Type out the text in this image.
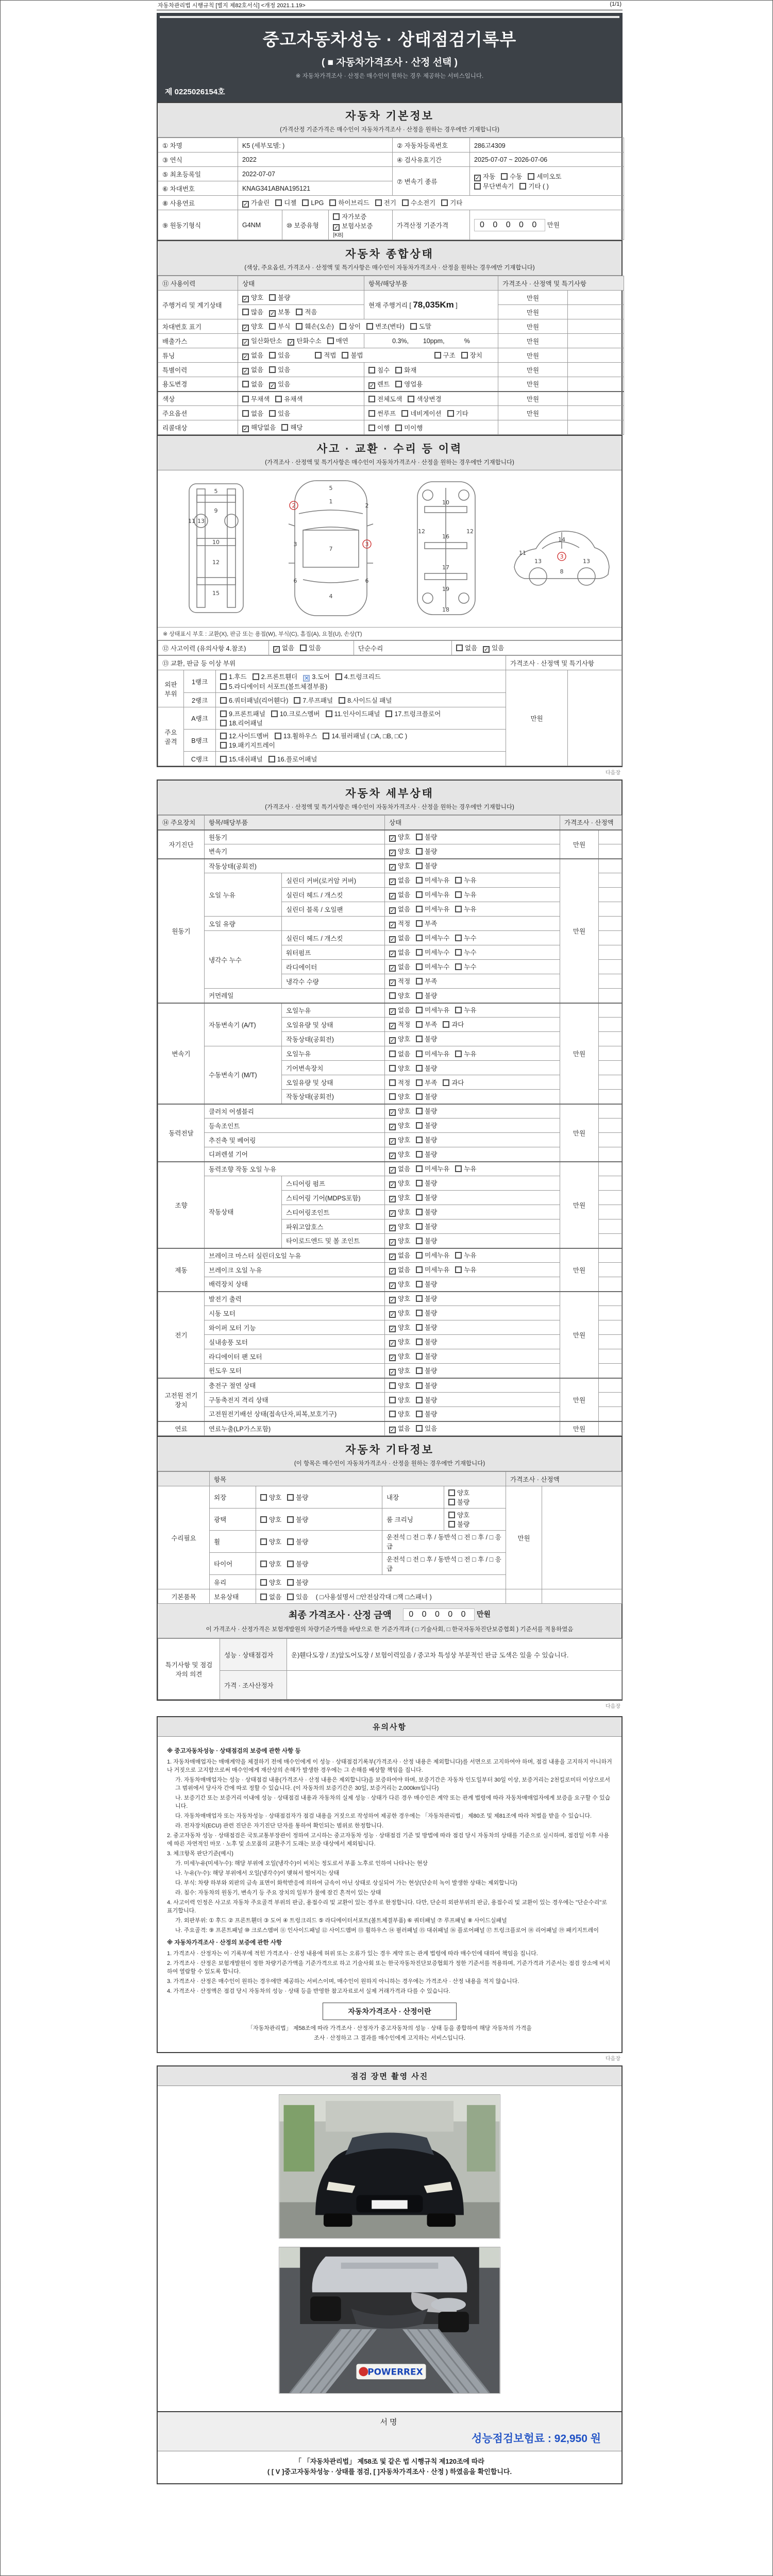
자동차관리법 시행규칙 [별지 제82호서식] <개정 2021.1.19>	(1/1)
중고자동차성능 · 상태점검기록부
( ■ 자동차가격조사 · 산정 선택 )
※ 자동차가격조사 · 산정은 매수인이 원하는 경우 제공하는 서비스입니다.
제 0225026154호
자동차 기본정보
(가격산정 기준가격은 매수인이 자동차가격조사 · 산정을 원하는 경우에만 기재합니다)
① 차명	K5 (세부모델: )	② 자동차등록번호	286고4309
③ 연식	2022	④ 검사유효기간	2025-07-07 ~ 2026-07-06
⑤ 최초등록일	2022-07-07	⑦ 변속기 종류	
✓자동 수동 세미오토
무단변속기 기타 ( )

⑥ 차대번호	KNAG341ABNA195121
⑧ 사용연료	✓가솔린 디젤 LPG 하이브리드 전기 수소전기 기타
⑨ 원동기형식		G4NM	⑩ 보증유형	자가보증✓보험사보증 [KB]
	가격산정 기준가격	0 0 0 0 0 만원
자동차 종합상태
(색상, 주요옵션, 가격조사 · 산정액 및 특기사항은 매수인이 자동차가격조사 · 산정을 원하는 경우에만 기재합니다)
⑪ 사용이력	상태	항목/해당부품	가격조사 · 산정액 및 특기사항	
주행거리 및 계기상태	✓양호 불량	현재 주행거리 [ 78,035Km ]	만원	
	많음 ✓ 보통 적음		만원	
차대번호 표기	✓양호 부식 훼손(오손) 상이 변조(변타) 도말		만원	
배출가스	✓일산화탄소 ✓ 탄화수소 매연	0.3%,        10ppm,           %	만원	
튜닝	✓없음 있음 적법 불법 구조 장치		만원	
특별이력	✓없음 있음	침수 화재	만원	
용도변경	없음 ✓ 있음	✓렌트 영업용	만원	
색상	무채색 유채색	전체도색 색상변경	만원	
주요옵션	없음 있음	썬루프 네비게이션 기타	만원	
리콜대상	✓해당없음 해당	이행 미이행		
사고 · 교환 · 수리 등 이력
(가격조사 · 산정액 및 특기사항은 매수인이 자동차가격조사 · 산정을 원하는 경우에만 기재합니다)
5
9
11
10
12
13
15
5
1
7
4
2
3
6	6
2
3
10
12	12
16
17
19
18
11
14
13	13
8
3
※ 상태표시 부호 : 교환(X), 판금 또는 용접(W), 부식(C), 흠집(A), 요철(U), 손상(T)
⑫ 사고이력 (유의사항 4.참조)	✓없음 있음	단순수리	없음 ✓ 있음
⑬ 교환, 판금 등 이상 부위			가격조사 · 산정액 및 특기사항	
외판부위	1랭크	1.후드 2.프론트휀더 ✕ 3.도어 4.트렁크리드
5.라디에이터 서포트(볼트체결부품)	만원	
	2랭크	6.쿼터패널(리어휀다) 7.루프패널 8.사이드실 패널		
주요골격	A랭크	9.프론트패널 10.크로스멤버 11.인사이드패널 17.트렁크플로어
18.리어패널		

	B랭크	12.사이드멤버 13.휠하우스 14.필러패널 ( □A, □B, □C )
19.패키지트레이		

	C랭크	15.대쉬패널 16.플로어패널		
다음장
자동차 세부상태
(가격조사 · 산정액 및 특기사항은 매수인이 자동차가격조사 · 산정을 원하는 경우에만 기재합니다)
⑭ 주요장치	항목/해당부품		상태	가격조사 · 산정액	
자기진단	원동기	✓양호 불량	만원	
	변속기	✓양호 불량	
원동기	작동상태(공회전)	✓양호 불량	만원	
	오일 누유	실린더 커버(로커암 커버)	✓없음 미세누유 누유	
		실린더 헤드 / 개스킷	✓없음 미세누유 누유	
		실린더 블록 / 오일팬	✓없음 미세누유 누유	
	오일 유량		✓적정 부족	
	냉각수 누수	실린더 헤드 / 개스킷	✓없음 미세누수 누수	
		워터펌프	✓없음 미세누수 누수	
		라디에이터	✓없음 미세누수 누수	
		냉각수 수량	✓적정 부족	
	커먼레일		양호 불량		
변속기	자동변속기 (A/T)	오일누유	✓없음 미세누유 누유	만원	
		오일유량 및 상태	✓적정 부족 과다	
		작동상태(공회전)	✓양호 불량	
	수동변속기 (M/T)	오일누유	없음 미세누유 누유		
		기어변속장치	양호 불량		
		오일유량 및 상태	적정 부족 과다		
		작동상태(공회전)	양호 불량		
동력전달	클러치 어셈블리	✓양호 불량	만원	
	등속조인트	✓양호 불량	
	추진축 및 베어링	✓양호 불량	
	디퍼렌셜 기어	✓양호 불량	
조향	동력조향 작동 오일 누유	✓없음 미세누유 누유	만원	
	작동상태	스티어링 펌프	✓양호 불량	
		스티어링 기어(MDPS포함)	✓양호 불량	
		스티어링조인트	✓양호 불량	
		파워고압호스	✓양호 불량	
		타이로드엔드 및 볼 조인트	✓양호 불량	
제동	브레이크 마스터 실린더오일 누유	✓없음 미세누유 누유	만원	
	브레이크 오일 누유	✓없음 미세누유 누유	
	배력장치 상태	✓양호 불량	
전기	발전기 출력	✓양호 불량	만원	
	시동 모터	✓양호 불량	
	와이퍼 모터 기능	✓양호 불량	
	실내송풍 모터	✓양호 불량	
	라디에이터 팬 모터	✓양호 불량	
	윈도우 모터	✓양호 불량	
고전원 전기장치	충전구 절연 상태		양호 불량	만원	
	구동축전지 격리 상태		양호 불량		
	고전원전기배선 상태(접속단자,피복,보호기구)		양호 불량		
연료	연료누출(LP가스포함)	✓없음 있음	만원	
자동차 기타정보
(이 항목은 매수인이 자동차가격조사 · 산정을 원하는 경우에만 기재합니다)
	항목				가격조사 · 산정액	
수리필요	외장	양호 불량	내장	양호불량	만원	
	광택	양호 불량	룸 크리닝	양호불량		
	휠	양호 불량	운전석 □ 전 □ 후 / 동반석 □ 전 □ 후 / □ 응급			
	타이어	양호 불량	운전석 □ 전 □ 후 / 동반석 □ 전 □ 후 / □ 응급			
	유리	양호 불량				
기본품목	보유상태	없음 있음 ( □사용설명서 □안전삼각대 □잭 □스패너 )				
최종 가격조사 · 산정 금액 0 0 0 0 0 만원
이 가격조사 · 산정가격은 보험개발원의 차량기준가액을 바탕으로 한 기준가격과 ( □ 기술사회, □ 한국자동차진단보증협회 ) 기준서를 적용하였음
특기사항 및 점검자의 의견	성능 · 상태점검자	운)휀다도장 / 조)앞도어도장 / 보험이력있음 / 중고차 특성상 부분적인 판금 도색은 있을 수 있습니다.
	가격 · 조사산정자	
다음장
유의사항
※ 중고자동차성능 · 상태점검의 보증에 관한 사항 등
1. 자동차매매업자는 매매계약을 체결하기 전에 매수인에게 이 성능 · 상태점검기록부(가격조사 · 산정 내용은 제외합니다)를 서면으로 고지하여야 하며, 점검 내용을 고지하지 아니하거나 거짓으로 고지함으로써 매수인에게 재산상의 손해가 발생한 경우에는 그 손해를 배상할 책임을 집니다.
가. 자동차매매업자는 성능 · 상태점검 내용(가격조사 · 산정 내용은 제외합니다)을 보증하여야 하며, 보증기간은 자동차 인도일부터 30일 이상, 보증거리는 2천킬로미터 이상으로서 그 범위에서 당사자 간에 따로 정할 수 있습니다. (이 자동차의 보증기간은 30일, 보증거리는 2,000km입니다)
나. 보증기간 또는 보증거리 이내에 성능 · 상태점검 내용과 자동차의 실제 성능 · 상태가 다른 경우 매수인은 계약 또는 관계 법령에 따라 자동차매매업자에게 보증을 요구할 수 있습니다.
다. 자동차매매업자 또는 자동차성능 · 상태점검자가 점검 내용을 거짓으로 작성하여 제공한 경우에는 「자동차관리법」 제80조 및 제81조에 따라 처벌을 받을 수 있습니다.
라. 전자장치(ECU) 관련 진단은 자기진단 단자를 통하여 확인되는 범위로 한정합니다.
2. 중고자동차 성능 · 상태점검은 국토교통부장관이 정하여 고시하는 중고자동차 성능 · 상태점검 기준 및 방법에 따라 점검 당시 자동차의 상태를 기준으로 실시하며, 점검일 이후 사용에 따른 자연적인 마모 · 노후 및 소모품의 교환주기 도래는 보증 대상에서 제외됩니다.
3. 체크항목 판단기준(예시)
가. 미세누유(미세누수): 해당 부위에 오일(냉각수)이 비치는 정도로서 부품 노후로 인하여 나타나는 현상
나. 누유(누수): 해당 부위에서 오일(냉각수)이 맺혀서 떨어지는 상태
다. 부식: 차량 하부와 외판의 금속 표면이 화학반응에 의하여 금속이 아닌 상태로 상실되어 가는 현상(단순히 녹이 발생한 상태는 제외합니다)
라. 침수: 자동차의 원동기, 변속기 등 주요 장치의 일부가 물에 잠긴 흔적이 있는 상태
4. 사고이력 인정은 사고로 자동차 주요골격 부위의 판금, 용접수리 및 교환이 있는 경우로 한정합니다. 다만, 단순히 외판부위의 판금, 용접수리 및 교환이 있는 경우에는 "단순수리"로 표기합니다.
가. 외판부위: ① 후드 ② 프론트휀더 ③ 도어 ④ 트렁크리드 ⑤ 라디에이터서포트(볼트체결부품) ⑥ 쿼터패널 ⑦ 루프패널 ⑧ 사이드실패널
나. 주요골격: ⑨ 프론트패널 ⑩ 크로스멤버 ⑪ 인사이드패널 ⑫ 사이드멤버 ⑬ 휠하우스 ⑭ 필러패널 ⑮ 대쉬패널 ⑯ 플로어패널 ⑰ 트렁크플로어 ⑱ 리어패널 ⑲ 패키지트레이
※ 자동차가격조사 · 산정의 보증에 관한 사항
1. 가격조사 · 산정자는 이 기록부에 적힌 가격조사 · 산정 내용에 허위 또는 오류가 있는 경우 계약 또는 관계 법령에 따라 매수인에 대하여 책임을 집니다.
2. 가격조사 · 산정은 보험개발원이 정한 차량기준가액을 기준가격으로 하고 기술사회 또는 한국자동차진단보증협회가 정한 기준서를 적용하며, 기준가격과 기준서는 점검 장소에 비치하여 열람할 수 있도록 합니다.
3. 가격조사 · 산정은 매수인이 원하는 경우에만 제공하는 서비스이며, 매수인이 원하지 아니하는 경우에는 가격조사 · 산정 내용을 적지 않습니다.
4. 가격조사 · 산정액은 점검 당시 자동차의 성능 · 상태 등을 반영한 참고자료로서 실제 거래가격과 다를 수 있습니다.
자동차가격조사 · 산정이란
「자동차관리법」 제58조에 따라 가격조사 · 산정자가 중고자동차의 성능 · 상태 등을 종합하여 해당 자동차의 가격을
조사 · 산정하고 그 결과를 매수인에게 고지하는 서비스입니다.
다음장
점검 장면 촬영 사진
POWERREX
서명
성능점검보험료 : 92,950 원
「 「자동차관리법」 제58조 및 같은 법 시행규칙 제120조에 따라
( [ V ]중고자동차성능 · 상태를 점검, [ ]자동차가격조사 · 산정 ) 하였음을 확인합니다.
